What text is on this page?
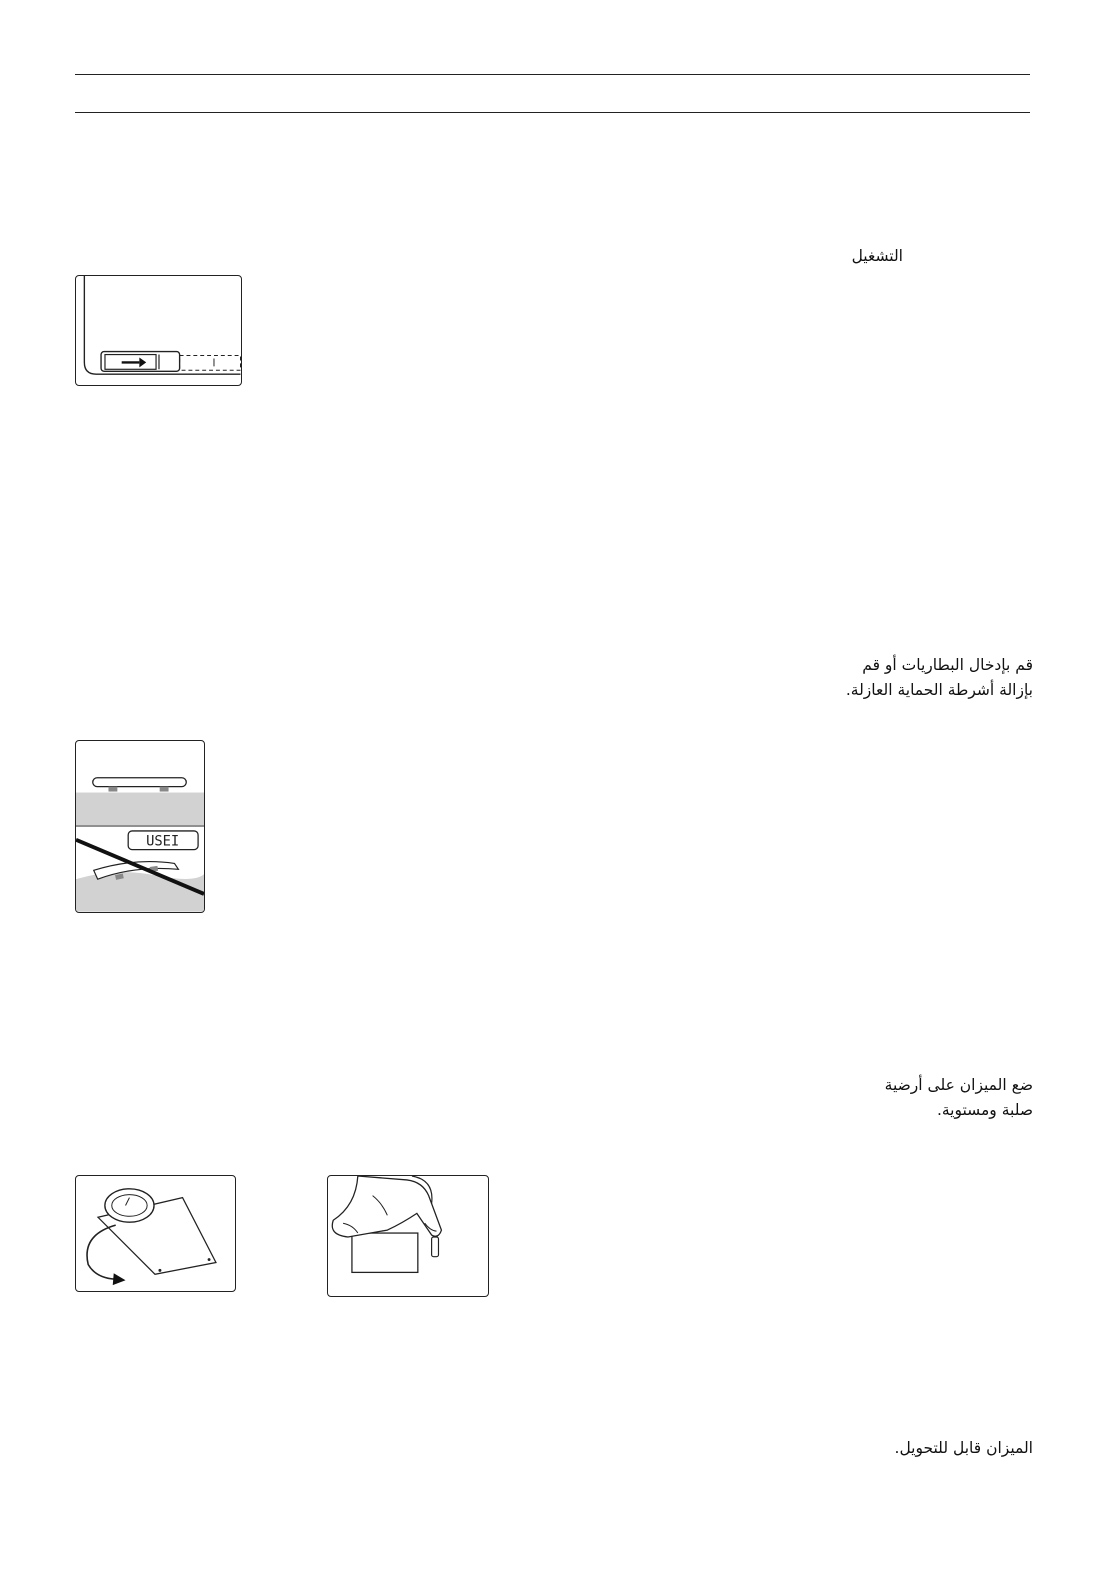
التشغيل
قم بإدخال البطاريات أو قم
بإزالة أشرطة الحماية العازلة.
USEI
ضع الميزان على أرضية
صلبة ومستوية.
الميزان قابل للتحويل.
